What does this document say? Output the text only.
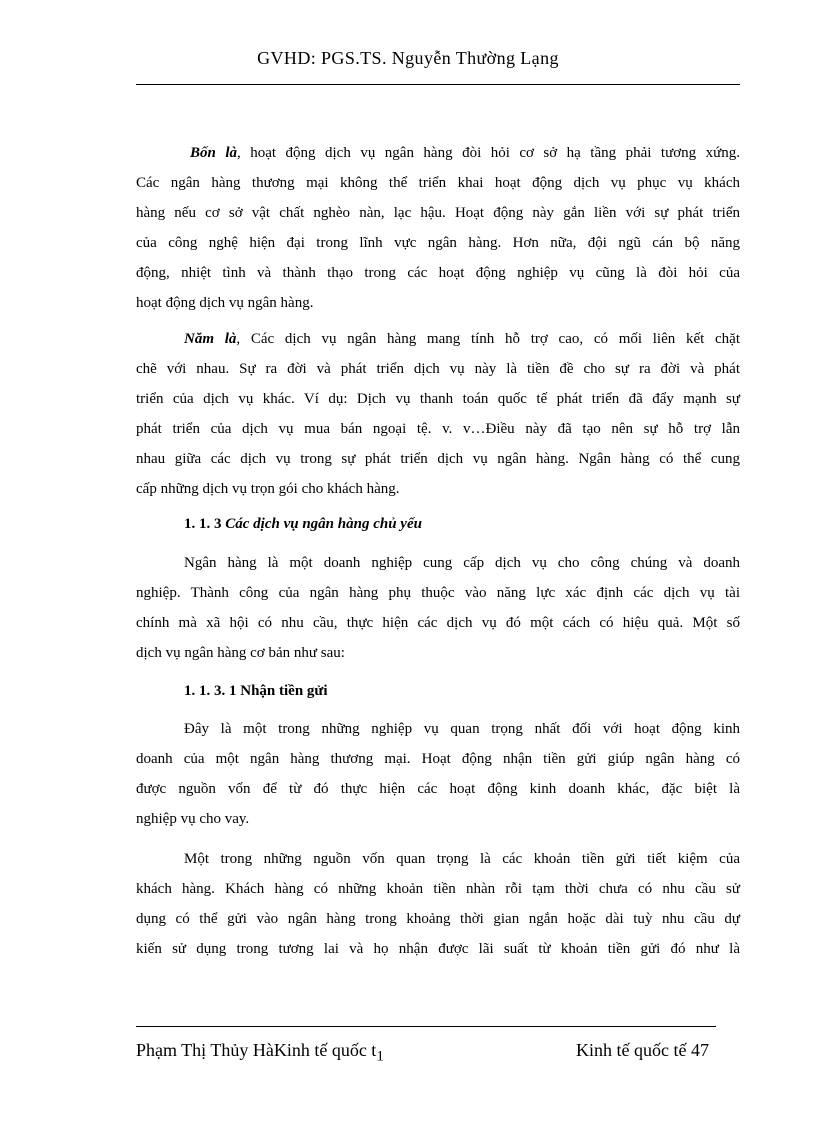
GVHD: PGS.TS. Nguyễn Thường Lạng
Bốn là, hoạt động dịch vụ ngân hàng đòi hỏi cơ sở hạ tầng phải tương xứng.
Các ngân hàng thương mại không thể triển khai hoạt động dịch vụ phục vụ khách
hàng nếu cơ sở vật chất nghèo nàn, lạc hậu. Hoạt động này gắn liền với sự phát triển
của công nghệ hiện đại trong lĩnh vực ngân hàng. Hơn nữa, đội ngũ cán bộ năng
động, nhiệt tình và thành thạo trong các hoạt động nghiệp vụ cũng là đòi hỏi của
hoạt động dịch vụ ngân hàng.
Năm là, Các dịch vụ ngân hàng mang tính hỗ trợ cao, có mối liên kết chặt
chẽ với nhau. Sự ra đời và phát triển dịch vụ này là tiền đề cho sự ra đời và phát
triển của dịch vụ khác. Ví dụ: Dịch vụ thanh toán quốc tế phát triển đã đẩy mạnh sự
phát triển của dịch vụ mua bán ngoại tệ. v. v…Điều này đã tạo nên sự hỗ trợ lẫn
nhau giữa các dịch vụ trong sự phát triển dịch vụ ngân hàng. Ngân hàng có thể cung
cấp những dịch vụ trọn gói cho khách hàng.
1. 1. 3 Các dịch vụ ngân hàng chủ yếu
Ngân hàng là một doanh nghiệp cung cấp dịch vụ cho công chúng và doanh
nghiệp. Thành công của ngân hàng phụ thuộc vào năng lực xác định các dịch vụ tài
chính mà xã hội có nhu cầu, thực hiện các dịch vụ đó một cách có hiệu quả. Một số
dịch vụ ngân hàng cơ bản như sau:
1. 1. 3. 1 Nhận tiền gửi
Đây là một trong những nghiệp vụ quan trọng nhất đối với hoạt động kinh
doanh của một ngân hàng thương mại. Hoạt động nhận tiền gửi giúp ngân hàng có
được nguồn vốn để từ đó thực hiện các hoạt động kinh doanh khác, đặc biệt là
nghiệp vụ cho vay.
Một trong những nguồn vốn quan trọng là các khoản tiền gửi tiết kiệm của
khách hàng. Khách hàng có những khoản tiền nhàn rỗi tạm thời chưa có nhu cầu sử
dụng có thể gửi vào ngân hàng trong khoảng thời gian ngắn hoặc dài tuỳ nhu cầu dự
kiến sử dụng trong tương lai và họ nhận được lãi suất từ khoản tiền gửi đó như là
Phạm Thị Thủy HàKinh tế quốc $t_1$	Kinh tế quốc tế 47
